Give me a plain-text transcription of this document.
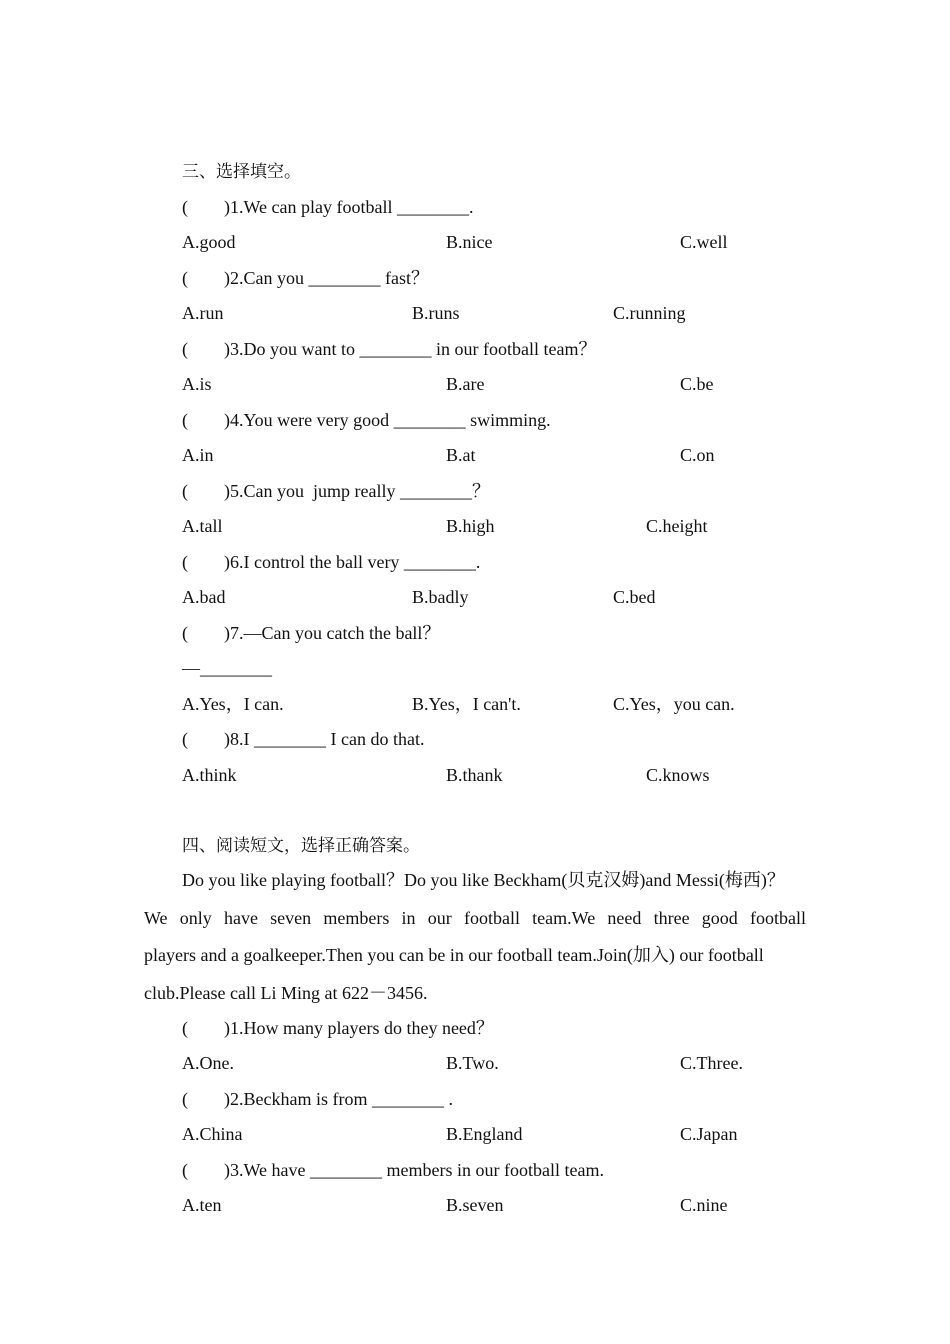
三、选择填空。
(        )1.We can play football ________.
A.good	B.nice	C.well
(        )2.Can you ________ fast？
A.run	B.runs	C.running
(        )3.Do you want to ________ in our football team？
A.is	B.are	C.be
(        )4.You were very good ________ swimming.
A.in	B.at	C.on
(        )5.Can you  jump really ________？
A.tall	B.high	C.height
(        )6.I control the ball very ________.
A.bad	B.badly	C.bed
(        )7.—Can you catch the ball？
—________
A.Yes，I can.	B.Yes，I can't.	C.Yes，you can.
(        )8.I ________ I can do that.
A.think	B.thank	C.knows
四、阅读短文，选择正确答案。
Do you like playing football？Do you like Beckham(贝克汉姆)and Messi(梅西)？
We only have seven members in our football team.We need three good football
players and a goalkeeper.Then you can be in our football team.Join(加入) our football
club.Please call Li Ming at 622－3456.
(        )1.How many players do they need？
A.One.	B.Two.	C.Three.
(        )2.Beckham is from ________ .
A.China	B.England	C.Japan
(        )3.We have ________ members in our football team.
A.ten	B.seven	C.nine
